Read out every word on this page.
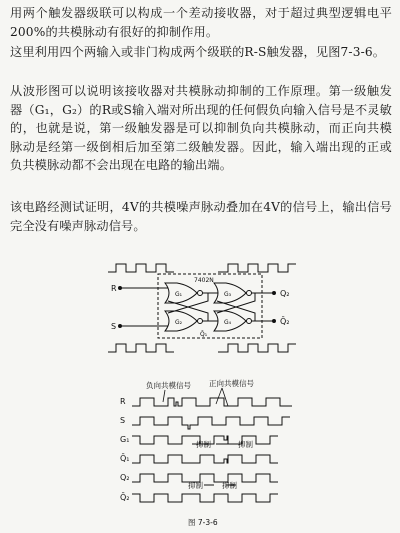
用两个触发器级联可以构成一个差动接收器，对于超过典型逻辑电平200%的共模脉动有很好的抑制作用。

这里利用四个两输入或非门构成两个级联的R-S触发器，见图7-3-6。

从波形图可以说明该接收器对共模脉动抑制的工作原理。第一级触发器（G₁，G₂）的R或S输入端对所出现的任何假负向输入信号是不灵敏的，也就是说，第一级触发器是可以抑制负向共模脉动，而正向共模脉动是经第一级倒相后加至第二级触发器。因此，输入端出现的正或负共模脉动都不会出现在电路的输出端。

该电路经测试证明，4V的共模噪声脉动叠加在4V的信号上，输出信号完全没有噪声脉动信号。

R
S
7402N
G₁
G₂
G₃
G₄
Q̄₁
Q₂
Q̄₂
负向共模信号 正向共模信号
R
S
G₁
Q̄₁
Q₂
Q̄₂
抑制	抑制
抑制	抑制
图 7-3-6
